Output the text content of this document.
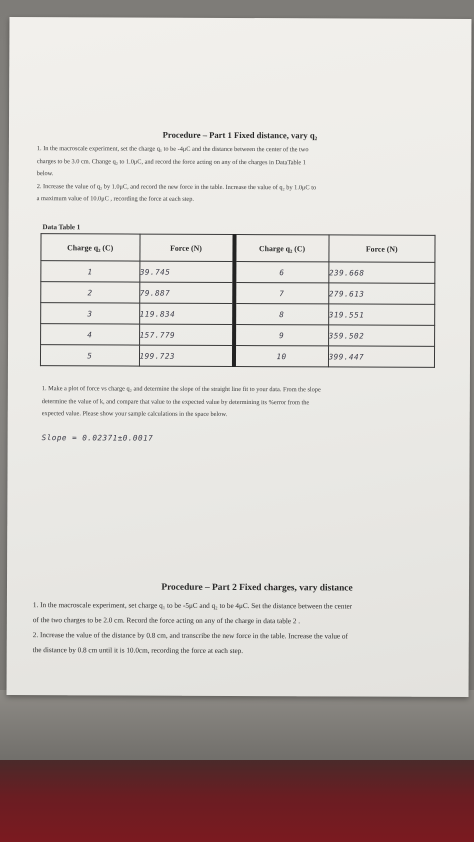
Procedure – Part 1 Fixed distance, vary q₂
1. In the macroscale experiment, set the charge q₁ to be -4μC and the distance between the center of the two
charges to be 3.0 cm. Change q₂ to 1.0μC, and record the force acting on any of the charges in DataTable 1
below.
2. Increase the value of q₂ by 1.0μC, and record the new force in the table. Increase the value of q₂ by 1.0μC to
a maximum value of 10.0μC , recording the force at each step.
Data Table 1
Charge q₂ (C)	Force (N)	Charge q₂ (C)	Force (N)
1	39.745	6	239.668
2	79.887	7	279.613
3	119.834	8	319.551
4	157.779	9	359.502
5	199.723	10	399.447
1. Make a plot of force vs charge q₂ and determine the slope of the straight line fit to your data. From the slope
determine the value of k, and compare that value to the expected value by determining its %error from the
expected value. Please show your sample calculations in the space below.
Slope = 0.02371±0.0017
Procedure – Part 2 Fixed charges, vary distance
1. In the macroscale experiment, set charge q₁ to be -5μC and q₂ to be 4μC. Set the distance between the center
of the two charges to be 2.0 cm. Record the force acting on any of the charge in data table 2 .
2. Increase the value of the distance by 0.8 cm, and transcribe the new force in the table. Increase the value of
the distance by 0.8 cm until it is 10.0cm, recording the force at each step.
